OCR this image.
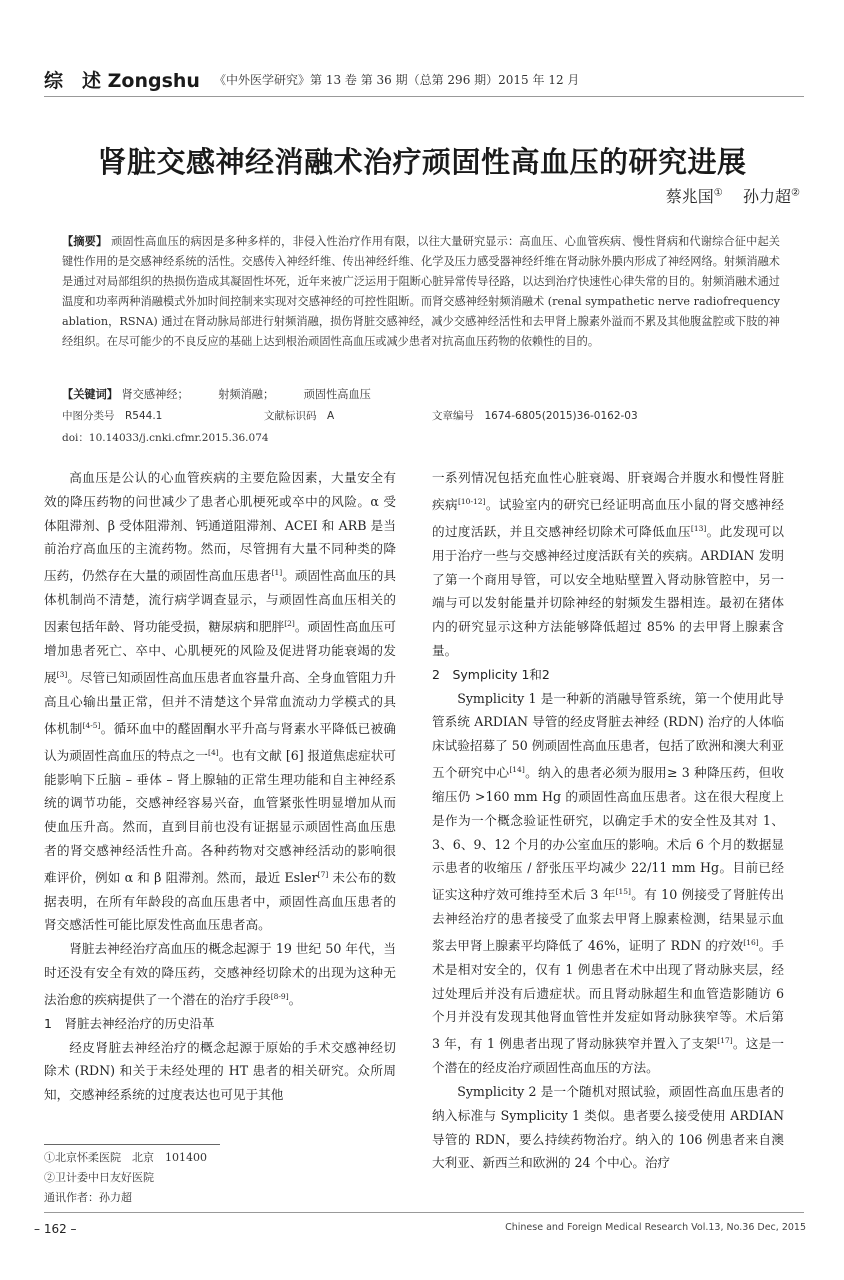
综　述 Zongshu 《中外医学研究》第 13 卷 第 36 期（总第 296 期）2015 年 12 月
肾脏交感神经消融术治疗顽固性高血压的研究进展
蔡兆国① 孙力超②
【摘要】 顽固性高血压的病因是多种多样的，非侵入性治疗作用有限，以往大量研究显示：高血压、心血管疾病、慢性肾病和代谢综合征中起关键性作用的是交感神经系统的活性。交感传入神经纤维、传出神经纤维、化学及压力感受器神经纤维在肾动脉外膜内形成了神经网络。射频消融术是通过对局部组织的热损伤造成其凝固性坏死，近年来被广泛运用于阻断心脏异常传导径路，以达到治疗快速性心律失常的目的。射频消融术通过温度和功率两种消融模式外加时间控制来实现对交感神经的可控性阻断。而肾交感神经射频消融术 (renal sympathetic nerve radiofrequency ablation，RSNA) 通过在肾动脉局部进行射频消融，损伤肾脏交感神经，减少交感神经活性和去甲肾上腺素外溢而不累及其他腹盆腔或下肢的神经组织。在尽可能少的不良反应的基础上达到根治顽固性高血压或减少患者对抗高血压药物的依赖性的目的。
【关键词】 肾交感神经；	射频消融；	顽固性高血压
中图分类号　R544.1	文献标识码　A	文章编号　1674-6805(2015)36-0162-03
doi：10.14033/j.cnki.cfmr.2015.36.074

高血压是公认的心血管疾病的主要危险因素，大量安全有效的降压药物的问世减少了患者心肌梗死或卒中的风险。α 受体阻滞剂、β 受体阻滞剂、钙通道阻滞剂、ACEI 和 ARB 是当前治疗高血压的主流药物。然而，尽管拥有大量不同种类的降压药，仍然存在大量的顽固性高血压患者[1]。顽固性高血压的具体机制尚不清楚，流行病学调查显示，与顽固性高血压相关的因素包括年龄、肾功能受损，糖尿病和肥胖[2]。顽固性高血压可增加患者死亡、卒中、心肌梗死的风险及促进肾功能衰竭的发展[3]。尽管已知顽固性高血压患者血容量升高、全身血管阻力升高且心输出量正常，但并不清楚这个异常血流动力学模式的具体机制[4-5]。循环血中的醛固酮水平升高与肾素水平降低已被确认为顽固性高血压的特点之一[4]。也有文献 [6] 报道焦虑症状可能影响下丘脑 – 垂体 – 肾上腺轴的正常生理功能和自主神经系统的调节功能，交感神经容易兴奋，血管紧张性明显增加从而使血压升高。然而，直到目前也没有证据显示顽固性高血压患者的肾交感神经活性升高。各种药物对交感神经活动的影响很难评价，例如 α 和 β 阻滞剂。然而，最近 Esler[7] 未公布的数据表明，在所有年龄段的高血压患者中，顽固性高血压患者的肾交感活性可能比原发性高血压患者高。

肾脏去神经治疗高血压的概念起源于 19 世纪 50 年代，当时还没有安全有效的降压药，交感神经切除术的出现为这种无法治愈的疾病提供了一个潜在的治疗手段[8-9]。

1　肾脏去神经治疗的历史沿革

经皮肾脏去神经治疗的概念起源于原始的手术交感神经切除术 (RDN) 和关于未经处理的 HT 患者的相关研究。众所周知，交感神经系统的过度表达也可见于其他

一系列情况包括充血性心脏衰竭、肝衰竭合并腹水和慢性肾脏疾病[10-12]。试验室内的研究已经证明高血压小鼠的肾交感神经的过度活跃，并且交感神经切除术可降低血压[13]。此发现可以用于治疗一些与交感神经过度活跃有关的疾病。ARDIAN 发明了第一个商用导管，可以安全地贴壁置入肾动脉管腔中，另一端与可以发射能量并切除神经的射频发生器相连。最初在猪体内的研究显示这种方法能够降低超过 85% 的去甲肾上腺素含量。

2　Symplicity 1和2

Symplicity 1 是一种新的消融导管系统，第一个使用此导管系统 ARDIAN 导管的经皮肾脏去神经 (RDN) 治疗的人体临床试验招募了 50 例顽固性高血压患者，包括了欧洲和澳大利亚五个研究中心[14]。纳入的患者必须为服用≥ 3 种降压药，但收缩压仍 >160 mm Hg 的顽固性高血压患者。这在很大程度上是作为一个概念验证性研究，以确定手术的安全性及其对 1、3、6、9、12 个月的办公室血压的影响。术后 6 个月的数据显示患者的收缩压 / 舒张压平均减少 22/11 mm Hg。目前已经证实这种疗效可维持至术后 3 年[15]。有 10 例接受了肾脏传出去神经治疗的患者接受了血浆去甲肾上腺素检测，结果显示血浆去甲肾上腺素平均降低了 46%，证明了 RDN 的疗效[16]。手术是相对安全的，仅有 1 例患者在术中出现了肾动脉夹层，经过处理后并没有后遗症状。而且肾动脉超生和血管造影随访 6 个月并没有发现其他肾血管性并发症如肾动脉狭窄等。术后第 3 年，有 1 例患者出现了肾动脉狭窄并置入了支架[17]。这是一个潜在的经皮治疗顽固性高血压的方法。

Symplicity 2 是一个随机对照试验，顽固性高血压患者的纳入标准与 Symplicity 1 类似。患者要么接受使用 ARDIAN 导管的 RDN，要么持续药物治疗。纳入的 106 例患者来自澳大利亚、新西兰和欧洲的 24 个中心。治疗

①北京怀柔医院　北京　101400
②卫计委中日友好医院
通讯作者：孙力超
– 162 –	Chinese and Foreign Medical Research Vol.13, No.36 Dec, 2015
